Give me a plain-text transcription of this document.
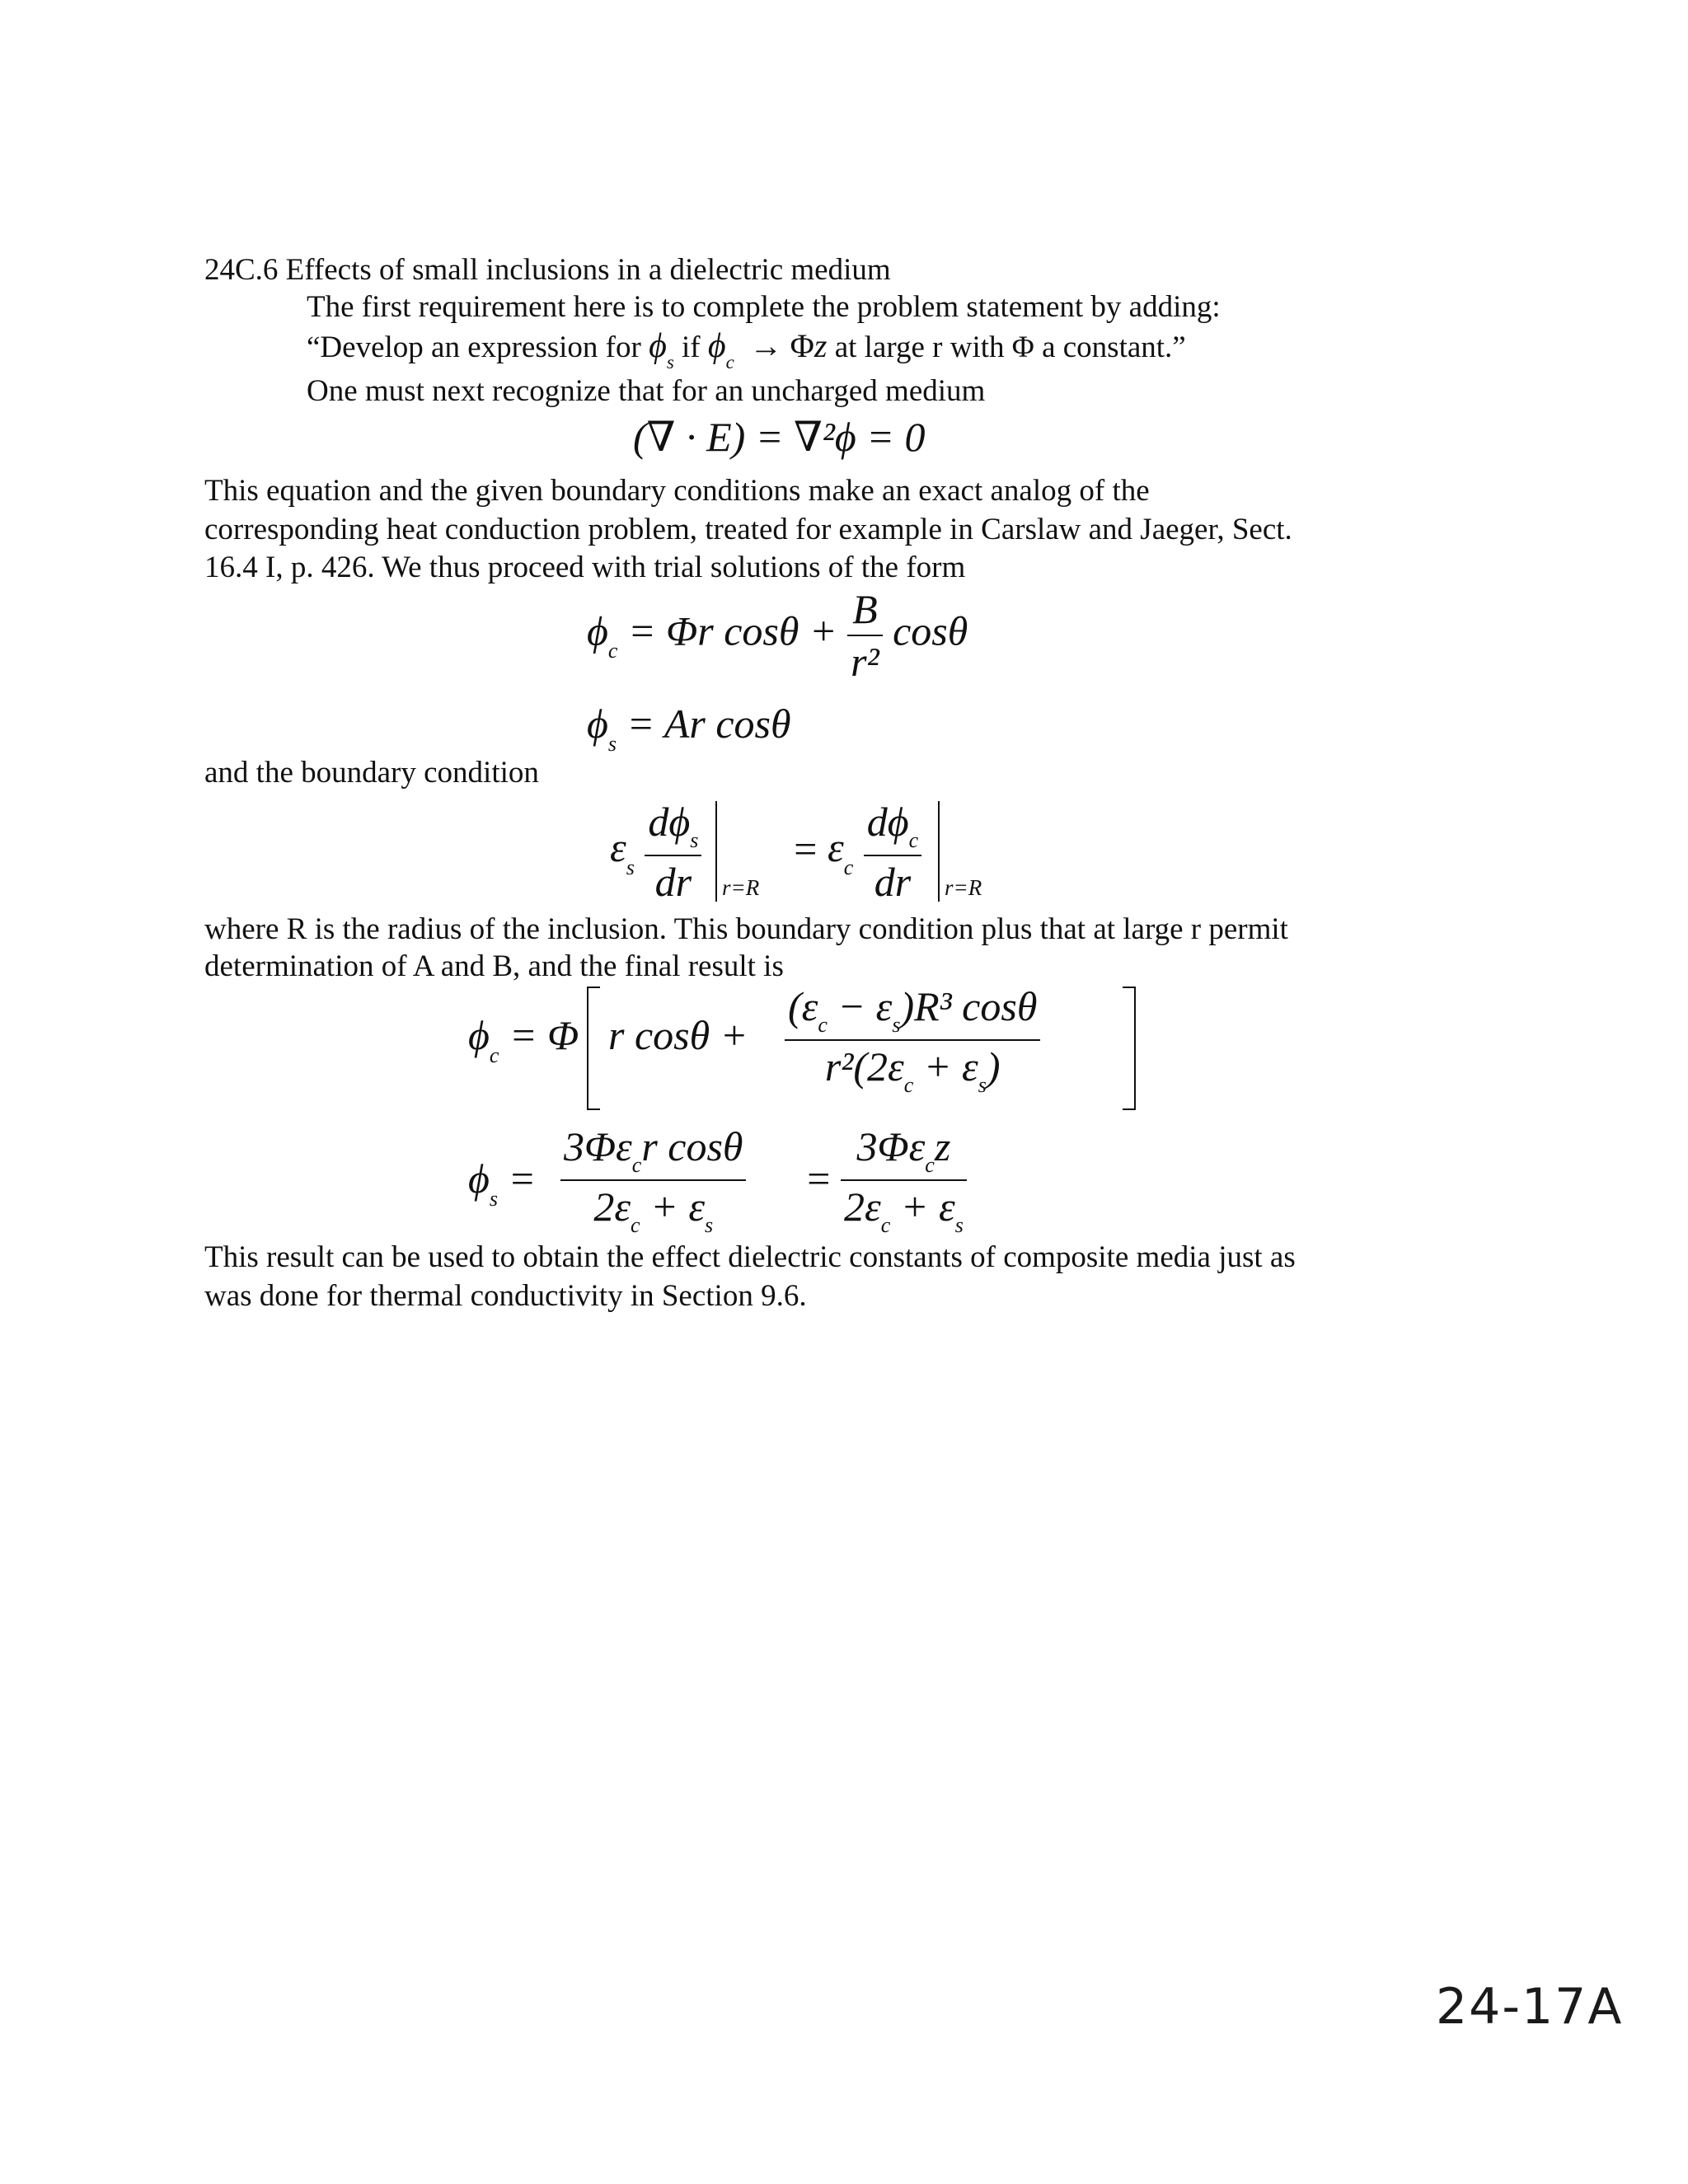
24C.6 Effects of small inclusions in a dielectric medium
The first requirement here is to complete the problem statement by adding:
“Develop an expression for $\phi_s$ if $\phi_c \to \Phi z$ at large r with Φ a constant.”
One must next recognize that for an uncharged medium
(∇ · E) = ∇²ϕ = 0
This equation and the given boundary conditions make an exact analog of the
corresponding heat conduction problem, treated for example in Carslaw and Jaeger, Sect.
16.4 I, p. 426. We thus proceed with trial solutions of the form
$\phi_c = \Phi r$ $\cos\theta + \frac{B}{\text{r²}}$ cosθ
$\phi_s = Ar$ cosθ
and the boundary condition
$\varepsilon_s \frac{d\phi_s}{dr} r=R$
= $\varepsilon_c \frac{d\phi_c}{dr} r=R$
where R is the radius of the inclusion. This boundary condition plus that at large r permit
determination of A and B, and the final result is
$\phi_c = \Phi$ r $\cos\theta + \frac{(\varepsilon_c - \varepsilon_s)R^3 \cos\theta}{r^2(2\varepsilon_c + \varepsilon_s)}$
$\phi_s = \frac{3\Phi\varepsilon_cr \cos\theta}{2\varepsilon_c + \varepsilon_s} = \frac{3\Phi\varepsilon_cz}{2\varepsilon_c + \varepsilon_s}$
This result can be used to obtain the effect dielectric constants of composite media just as
was done for thermal conductivity in Section 9.6.
24-17A
